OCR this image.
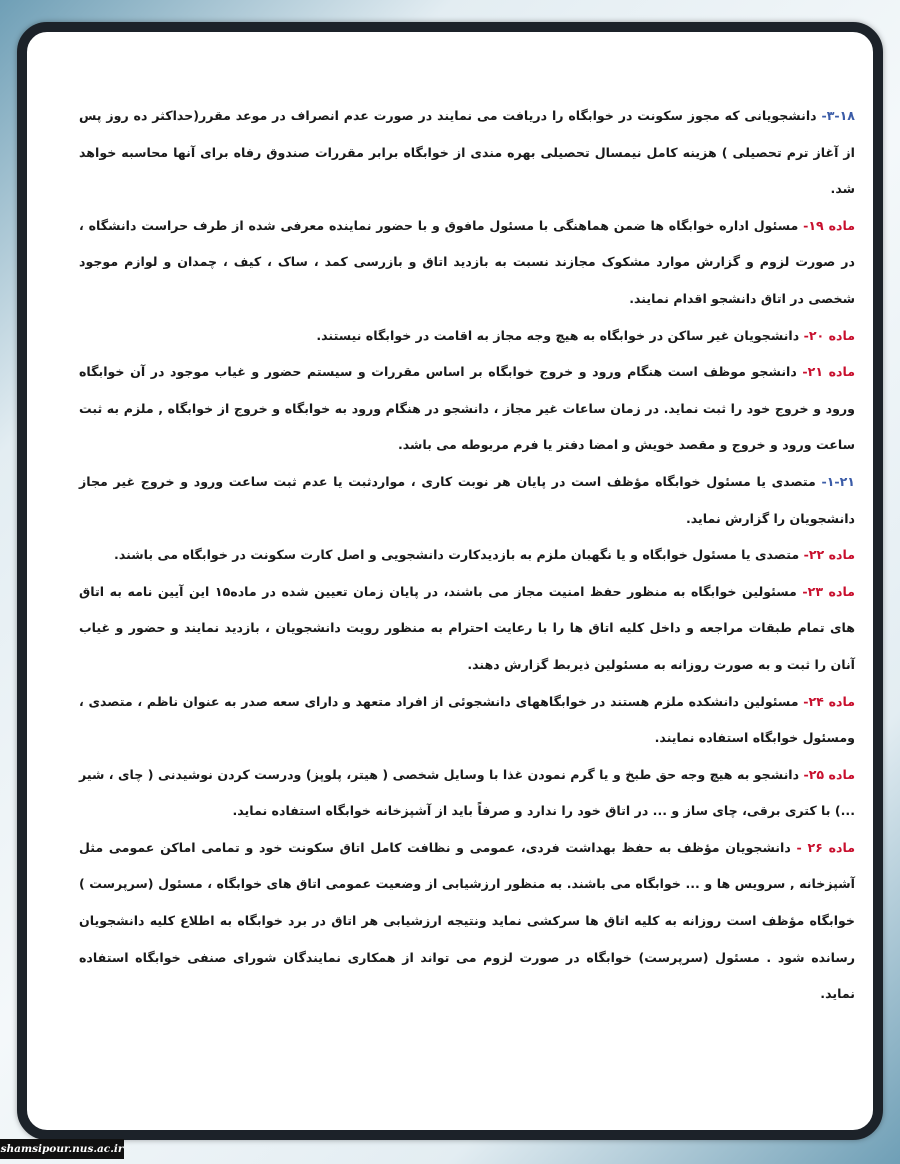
۳-۱۸- دانشجویانی که مجوز سکونت در خوابگاه را دریافت می نمایند در صورت عدم انصراف در موعد مقرر(حداکثر ده روز پس از آغاز ترم تحصیلی ) هزینه کامل نیمسال تحصیلی بهره مندی از خوابگاه برابر مقررات صندوق رفاه برای آنها محاسبه خواهد شد.

ماده ۱۹- مسئول اداره خوابگاه ها ضمن هماهنگی با مسئول مافوق و با حضور نماینده معرفی شده از طرف حراست دانشگاه ، در صورت لزوم و گزارش موارد مشکوک مجازند نسبت به بازدید اتاق و بازرسی کمد ، ساک ، کیف ، چمدان و لوازم موجود شخصی در اتاق دانشجو اقدام نمایند.

ماده ۲۰- دانشجویان غیر ساکن در خوابگاه به هیچ وجه مجاز به اقامت در خوابگاه نیستند.

ماده ۲۱- دانشجو موظف است هنگام ورود و خروج خوابگاه بر اساس مقررات و سیستم حضور و غیاب موجود در آن خوابگاه ورود و خروج خود را ثبت نماید. در زمان ساعات غیر مجاز ، دانشجو در هنگام ورود به خوابگاه و خروج از خوابگاه , ملزم به ثبت ساعت ورود و خروج و مقصد خویش و امضا دفتر یا فرم مربوطه می باشد.

۱-۲۱- متصدی یا مسئول خوابگاه مؤظف است در پایان هر نوبت کاری ، مواردثبت یا عدم ثبت ساعت ورود و خروج غیر مجاز دانشجویان را گزارش نماید.

ماده ۲۲- متصدی یا مسئول خوابگاه و یا نگهبان ملزم به بازدیدکارت دانشجویی و اصل کارت سکونت در خوابگاه می باشند.

ماده ۲۳- مسئولین خوابگاه به منظور حفظ امنیت مجاز می باشند، در پایان زمان تعیین شده در ماده۱۵ این آیین نامه به اتاق های تمام طبقات مراجعه و داخل کلیه اتاق ها را با رعایت احترام به منظور رویت دانشجویان ، بازدید نمایند و حضور و غیاب آنان را ثبت و به صورت روزانه به مسئولین ذیربط گزارش دهند.

ماده ۲۴- مسئولین دانشکده ملزم هستند در خوابگاههای دانشجوئی از افراد متعهد و دارای سعه صدر به عنوان ناظم ، متصدی ، ومسئول خوابگاه استفاده نمایند.

ماده ۲۵- دانشجو به هیچ وجه حق طبخ و یا گرم نمودن غذا با وسایل شخصی ( هیتر، پلوپز) ودرست کردن نوشیدنی ( چای ، شیر ...) با کتری برقی، چای ساز و ... در اتاق خود را ندارد و صرفاً باید از آشپزخانه خوابگاه استفاده نماید.

ماده ۲۶ - دانشجویان مؤظف به حفظ بهداشت فردی، عمومی و نظافت کامل اتاق سکونت خود و تمامی اماکن عمومی مثل آشپزخانه , سرویس ها و ... خوابگاه می باشند. به منظور ارزشیابی از وضعیت عمومی اتاق های خوابگاه ، مسئول (سرپرست ) خوابگاه مؤظف است روزانه به کلیه اتاق ها سرکشی نماید ونتیجه ارزشیابی هر اتاق در برد خوابگاه به اطلاع کلیه دانشجویان رسانده شود . مسئول (سرپرست) خوابگاه در صورت لزوم می تواند از همکاری نمایندگان شورای صنفی خوابگاه استفاده نماید.

shamsipour.nus.ac.ir
